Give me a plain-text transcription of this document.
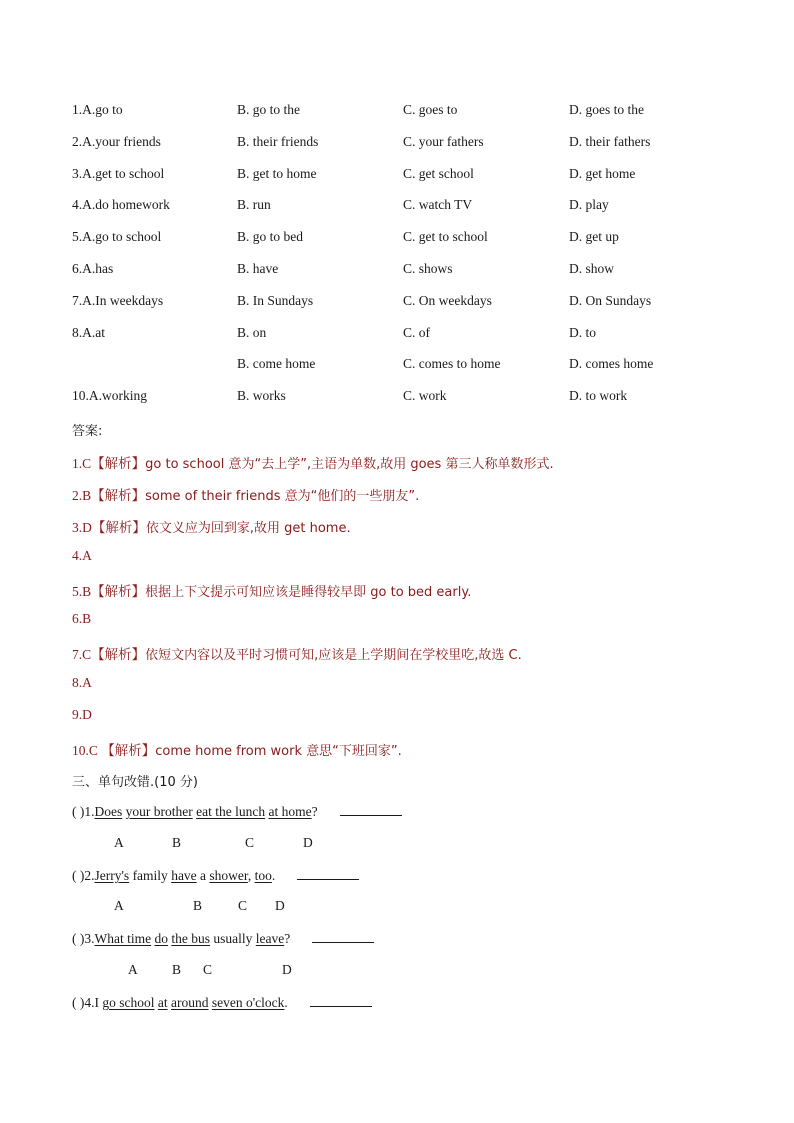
1.A.go to	B. go to the	C. goes to	D. goes to the
2.A.your friends	B. their friends	C. your fathers	D. their fathers
3.A.get to school	B. get to home	C. get school	D. get home
4.A.do homework	B. run	C. watch TV	D. play
5.A.go to school	B. go to bed	C. get to school	D. get up
6.A.has	B. have	C. shows	D. show
7.A.In weekdays	B. In Sundays	C. On weekdays	D. On Sundays
8.A.at	B. on	C. of	D. to
B. come home	C. comes to home	D. comes home
10.A.working	B. works	C. work	D. to work
答案:
1.C【解析】go to school 意为“去上学”,主语为单数,故用 goes 第三人称单数形式.
2.B【解析】some of their friends 意为“他们的一些朋友”.
3.D【解析】依文义应为回到家,故用 get home.
4.A
5.B【解析】根据上下文提示可知应该是睡得较早即 go to bed early.
6.B
7.C【解析】依短文内容以及平时习惯可知,应该是上学期间在学校里吃,故选 C.
8.A
9.D
10.C 【解析】come home from work 意思“下班回家”.
三、单句改错.(10 分)
( )1.Does your brother eat the lunch at home?
A	B	C	D
( )2.Jerry's family have a shower, too.
A	B	C D
( )3.What time do the bus usually leave?
A	B C	D
( )4.I go school at around seven o'clock.
